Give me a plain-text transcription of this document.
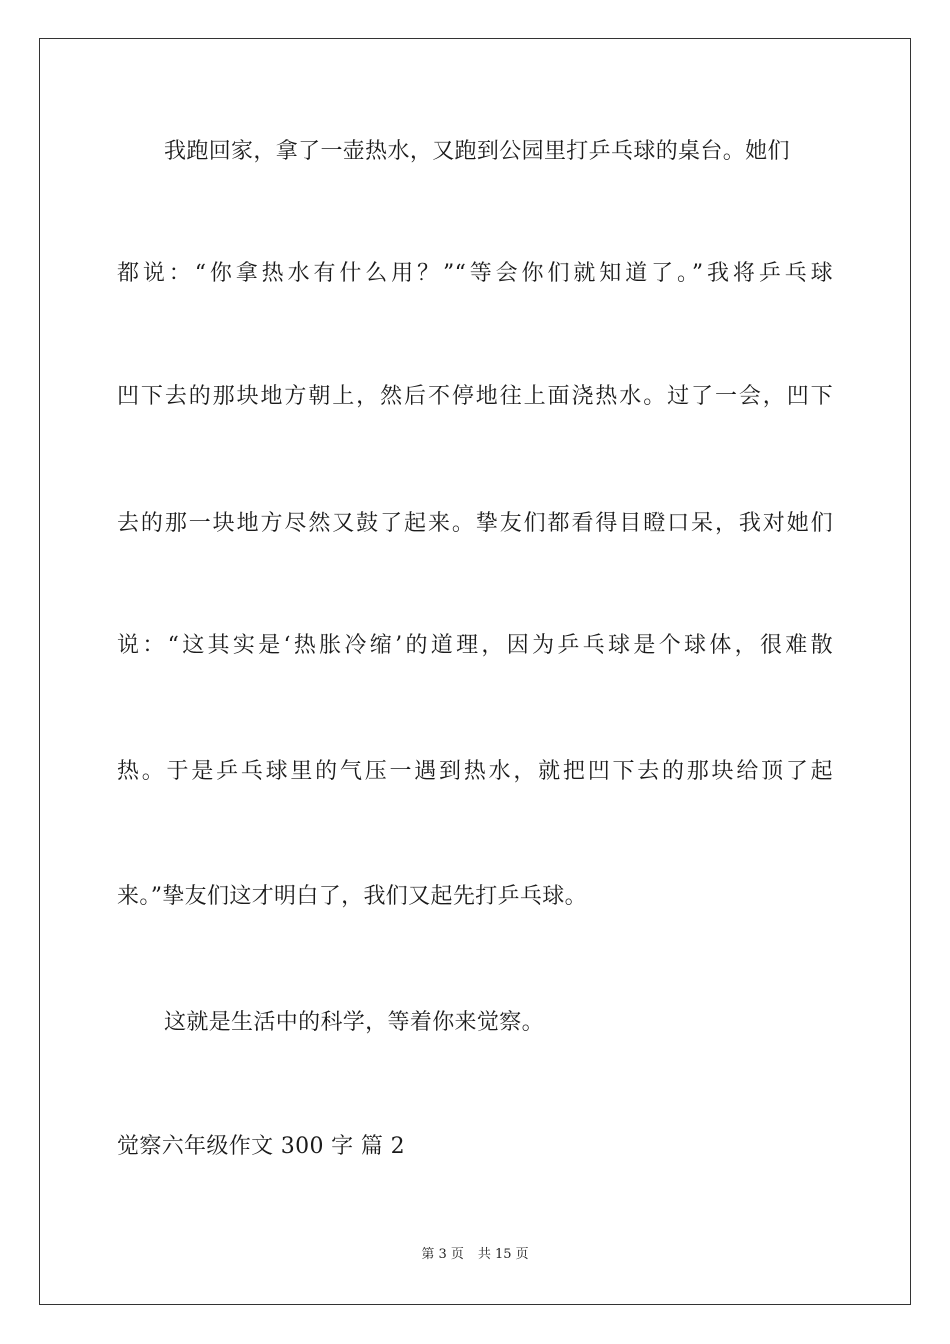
我跑回家，拿了一壶热水，又跑到公园里打乒乓球的桌台。她们
都说：“你拿热水有什么用？”“等会你们就知道了。”我将乒乓球
凹下去的那块地方朝上，然后不停地往上面浇热水。过了一会，凹下
去的那一块地方尽然又鼓了起来。挚友们都看得目瞪口呆，我对她们
说：“这其实是‘热胀冷缩’的道理，因为乒乓球是个球体，很难散
热。于是乒乓球里的气压一遇到热水，就把凹下去的那块给顶了起
来。”挚友们这才明白了，我们又起先打乒乓球。
这就是生活中的科学，等着你来觉察。
觉察六年级作文 300 字 篇 2
第 3 页 共 15 页
